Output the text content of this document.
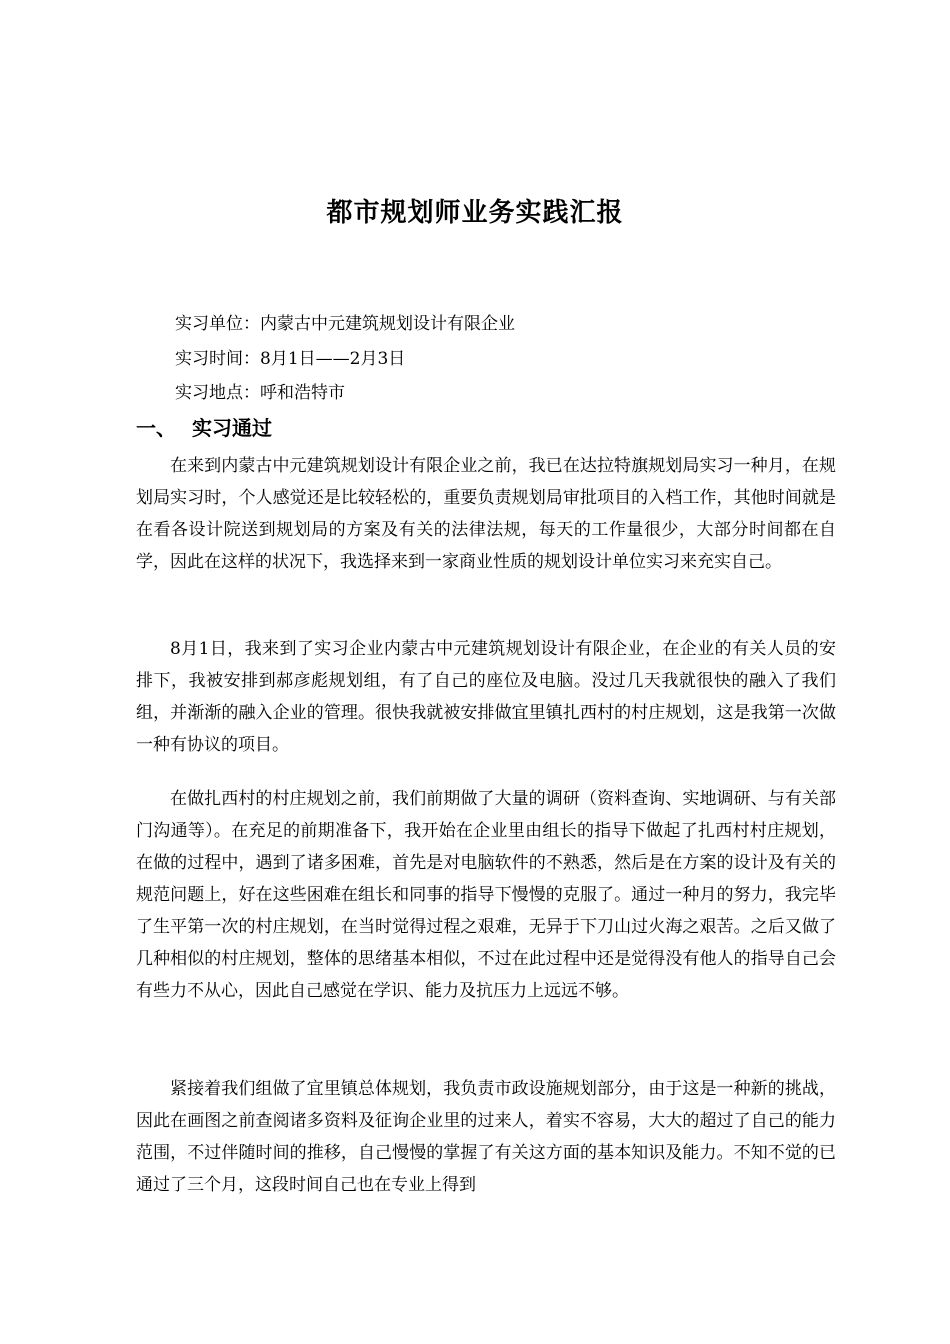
都市规划师业务实践汇报
实习单位：内蒙古中元建筑规划设计有限企业
实习时间：8月1日——2月3日
实习地点：呼和浩特市
一、 实习通过

在来到内蒙古中元建筑规划设计有限企业之前，我已在达拉特旗规划局实习一种月，在规划局实习时，个人感觉还是比较轻松的，重要负责规划局审批项目的入档工作，其他时间就是在看各设计院送到规划局的方案及有关的法律法规，每天的工作量很少，大部分时间都在自学，因此在这样的状况下，我选择来到一家商业性质的规划设计单位实习来充实自己。

8月1日，我来到了实习企业内蒙古中元建筑规划设计有限企业，在企业的有关人员的安排下，我被安排到郝彦彪规划组，有了自己的座位及电脑。没过几天我就很快的融入了我们组，并渐渐的融入企业的管理。很快我就被安排做宜里镇扎西村的村庄规划，这是我第一次做一种有协议的项目。

在做扎西村的村庄规划之前，我们前期做了大量的调研（资料查询、实地调研、与有关部门沟通等）。在充足的前期准备下，我开始在企业里由组长的指导下做起了扎西村村庄规划，在做的过程中，遇到了诸多困难，首先是对电脑软件的不熟悉，然后是在方案的设计及有关的规范问题上，好在这些困难在组长和同事的指导下慢慢的克服了。通过一种月的努力，我完毕了生平第一次的村庄规划，在当时觉得过程之艰难，无异于下刀山过火海之艰苦。之后又做了几种相似的村庄规划，整体的思绪基本相似，不过在此过程中还是觉得没有他人的指导自己会有些力不从心，因此自己感觉在学识、能力及抗压力上远远不够。

紧接着我们组做了宜里镇总体规划，我负责市政设施规划部分，由于这是一种新的挑战，因此在画图之前查阅诸多资料及征询企业里的过来人，着实不容易，大大的超过了自己的能力范围，不过伴随时间的推移，自己慢慢的掌握了有关这方面的基本知识及能力。不知不觉的已通过了三个月，这段时间自己也在专业上得到
